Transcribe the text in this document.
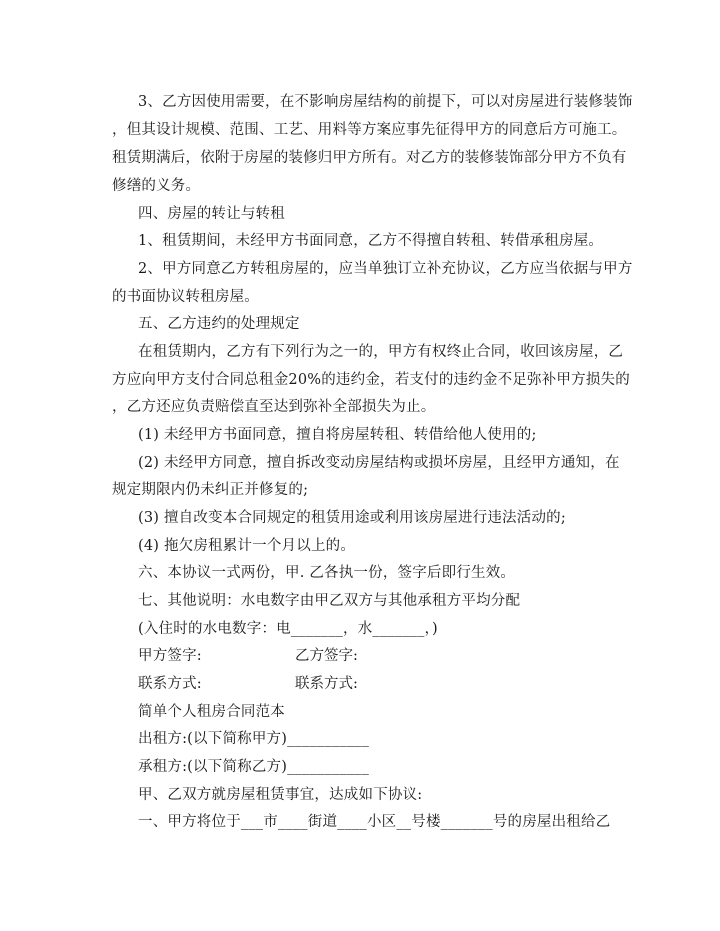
3、乙方因使用需要，在不影响房屋结构的前提下，可以对房屋进行装修装饰
，但其设计规模、范围、工艺、用料等方案应事先征得甲方的同意后方可施工。
租赁期满后，依附于房屋的装修归甲方所有。对乙方的装修装饰部分甲方不负有
修缮的义务。
四、房屋的转让与转租
1、租赁期间，未经甲方书面同意，乙方不得擅自转租、转借承租房屋。
2、甲方同意乙方转租房屋的，应当单独订立补充协议，乙方应当依据与甲方
的书面协议转租房屋。
五、乙方违约的处理规定
在租赁期内，乙方有下列行为之一的，甲方有权终止合同，收回该房屋，乙
方应向甲方支付合同总租金20%的违约金，若支付的违约金不足弥补甲方损失的
，乙方还应负责赔偿直至达到弥补全部损失为止。
(1) 未经甲方书面同意，擅自将房屋转租、转借给他人使用的;
(2) 未经甲方同意，擅自拆改变动房屋结构或损坏房屋，且经甲方通知，在
规定期限内仍未纠正并修复的;
(3) 擅自改变本合同规定的租赁用途或利用该房屋进行违法活动的;
(4) 拖欠房租累计一个月以上的。
六、本协议一式两份，甲. 乙各执一份，签字后即行生效。
七、其他说明：水电数字由甲乙双方与其他承租方平均分配
(入住时的水电数字：电_______，水_______，)
甲方签字:	乙方签字:
联系方式:	联系方式:
简单个人租房合同范本
出租方:(以下简称甲方)___________
承租方:(以下简称乙方)___________
甲、乙双方就房屋租赁事宜，达成如下协议:
一、甲方将位于___市____街道____小区__号楼_______号的房屋出租给乙
